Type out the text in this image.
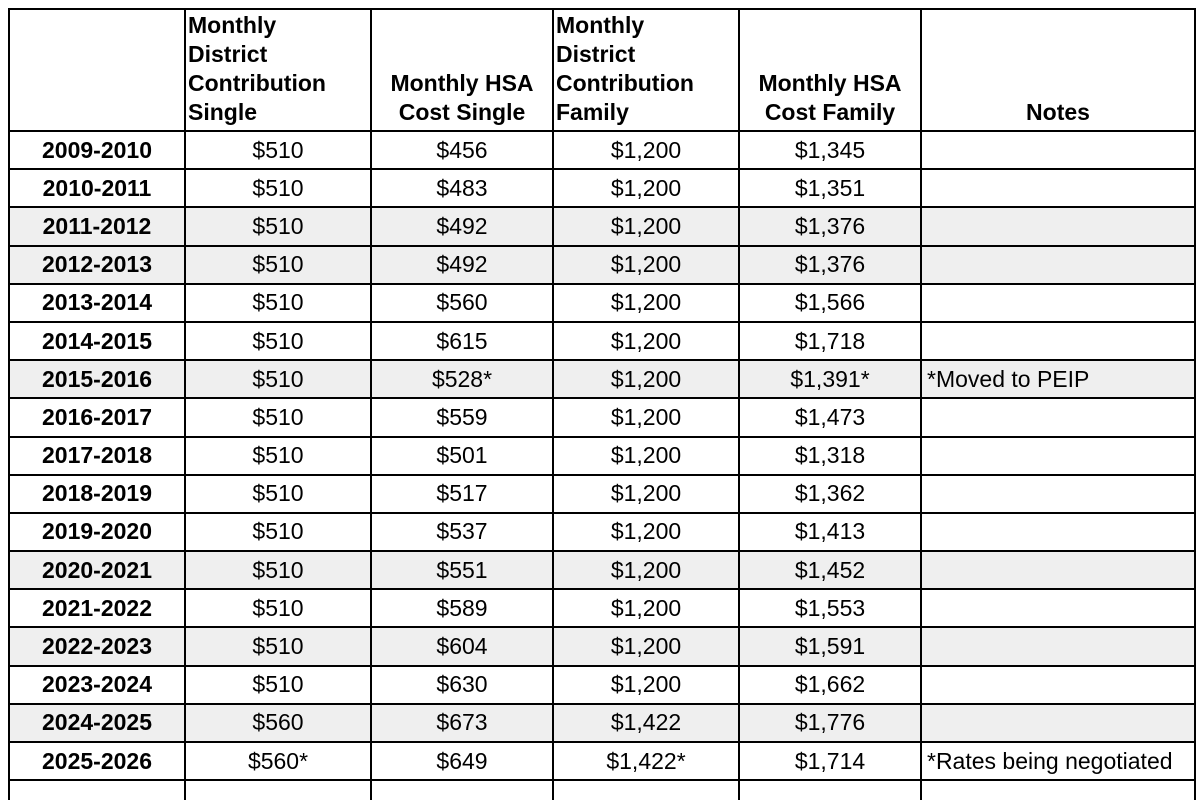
	Monthly
District
Contribution
Single	Monthly HSA
Cost Single	Monthly
District
Contribution
Family	Monthly HSA
Cost Family	Notes
2009-2010	$510	$456	$1,200	$1,345	
2010-2011	$510	$483	$1,200	$1,351	
2011-2012	$510	$492	$1,200	$1,376	
2012-2013	$510	$492	$1,200	$1,376	
2013-2014	$510	$560	$1,200	$1,566	
2014-2015	$510	$615	$1,200	$1,718	
2015-2016	$510	$528*	$1,200	$1,391*	*Moved to PEIP
2016-2017	$510	$559	$1,200	$1,473	
2017-2018	$510	$501	$1,200	$1,318	
2018-2019	$510	$517	$1,200	$1,362	
2019-2020	$510	$537	$1,200	$1,413	
2020-2021	$510	$551	$1,200	$1,452	
2021-2022	$510	$589	$1,200	$1,553	
2022-2023	$510	$604	$1,200	$1,591	
2023-2024	$510	$630	$1,200	$1,662	
2024-2025	$560	$673	$1,422	$1,776	
2025-2026	$560*	$649	$1,422*	$1,714	*Rates being negotiated
